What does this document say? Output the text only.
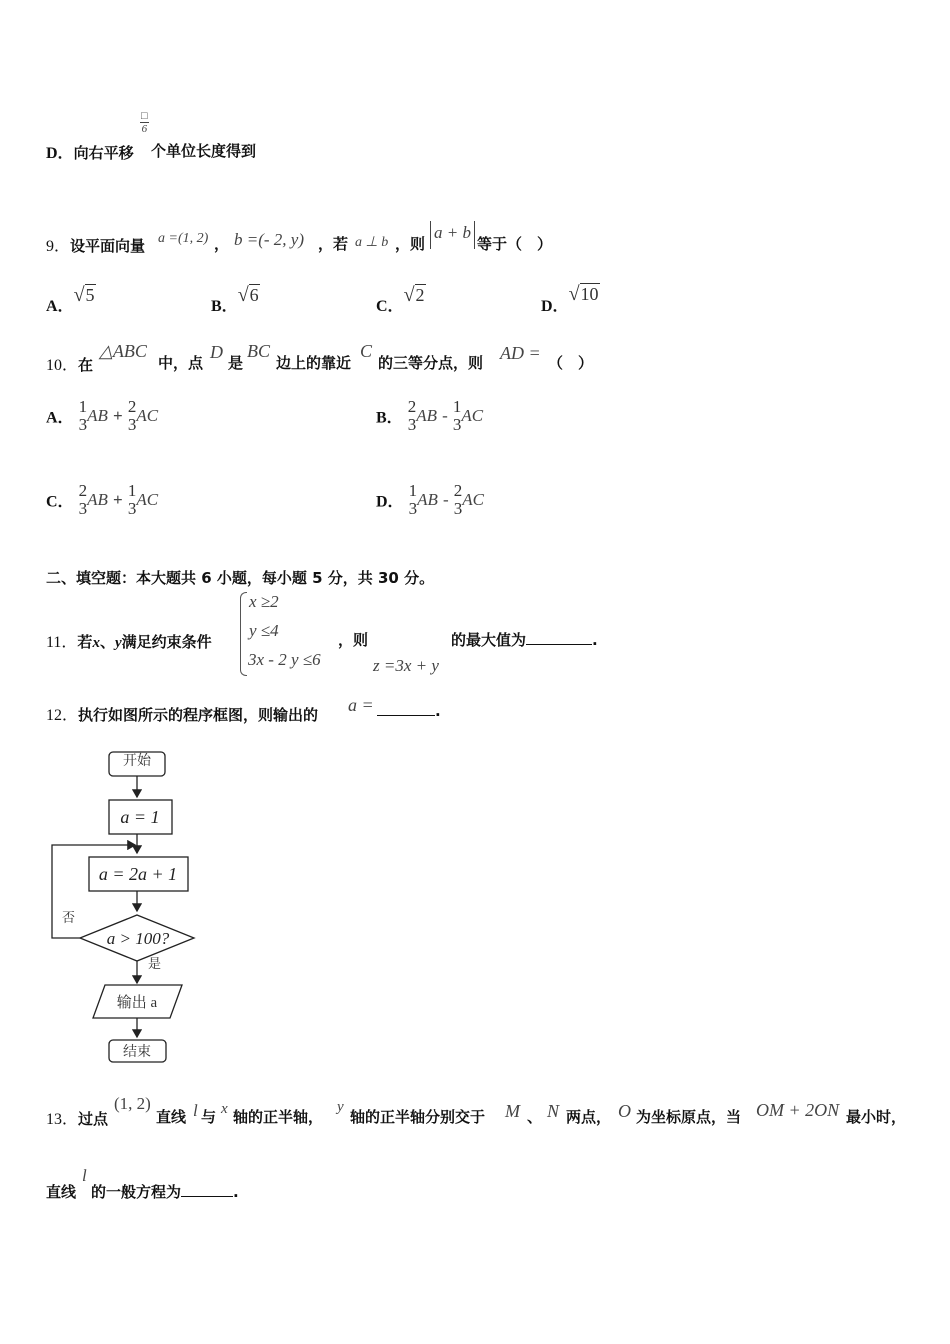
D．向右平移
□
6
个单位长度得到
9．设平面向量 a =(1, 2) ， b =(- 2, y) ，若 a ⊥ b ，则
a + b
等于（　）
A．√5
B．√6
C．√2
D．√10
10．在
△ABC
中，点
D
是
BC
边上的靠近
C
的三等分点，则 AD = （　）
A．
1
3 AB + 2
3 AC	B．
2
3 AB - 1
3 AC
C．
2
3 AB + 1
3 AC	D．
1
3 AB - 2
3 AC
二、填空题：本大题共 6 小题，每小题 5 分，共 30 分。
11．若x、y满足约束条件
x ≥2
y ≤4
3x - 2 y ≤6
，则
z =3x + y
的最大值为	.
12．执行如图所示的程序框图，则输出的 a =	.
开始
a = 1
a = 2a + 1
a > 100?
否
是
输出 a
结束
13．过点
(1, 2)
直线 l 与 x 轴的正半轴，
y
轴的正半轴分别交于 M 、 N 两点， O 为坐标原点，当 OM + 2ON 最小时，
直线
l
的一般方程为	.
